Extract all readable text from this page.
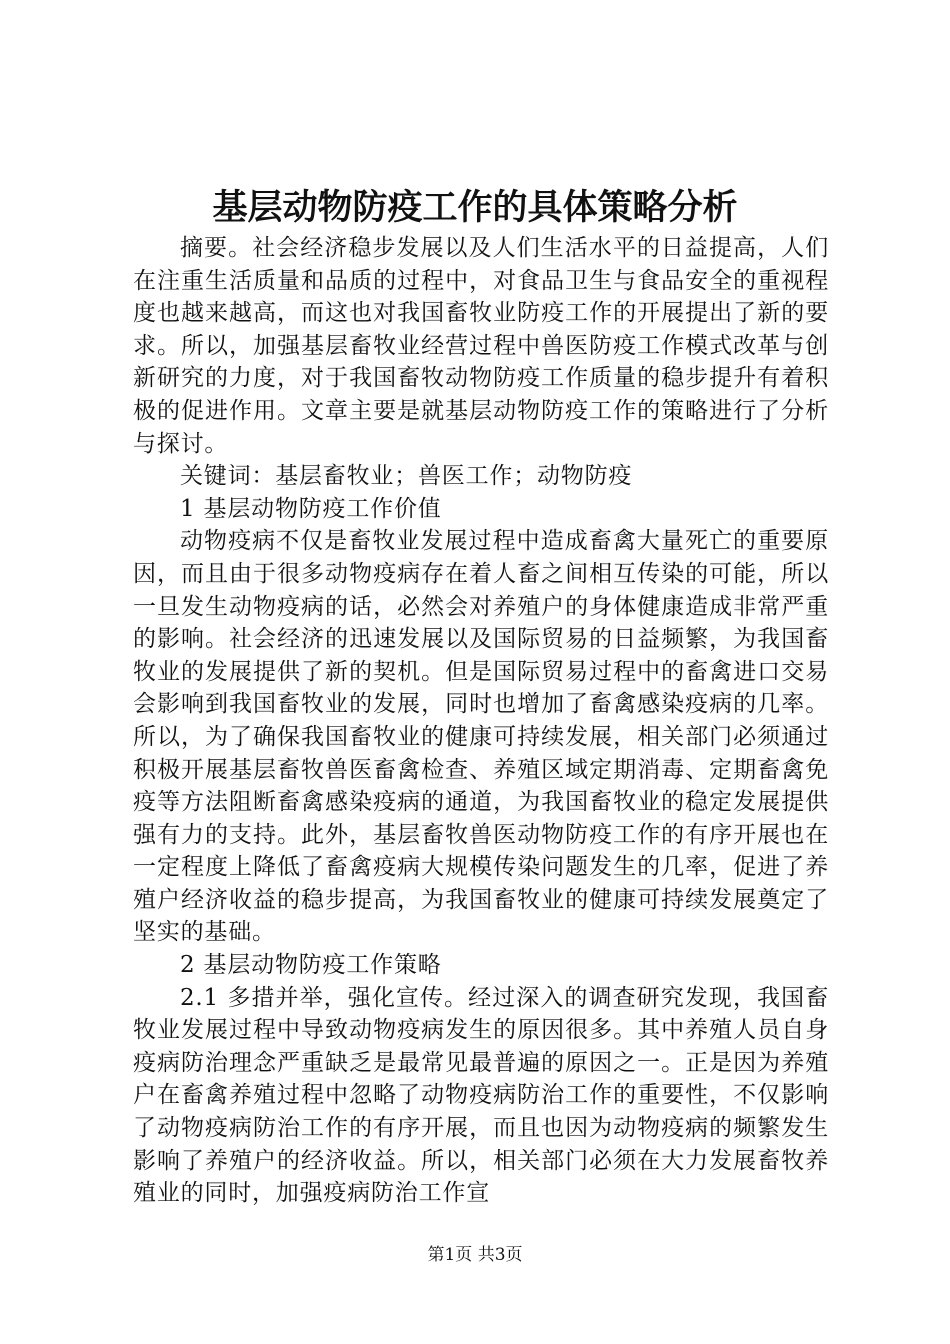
基层动物防疫工作的具体策略分析

摘要。社会经济稳步发展以及人们生活水平的日益提高，人们在注重生活质量和品质的过程中，对食品卫生与食品安全的重视程度也越来越高，而这也对我国畜牧业防疫工作的开展提出了新的要求。所以，加强基层畜牧业经营过程中兽医防疫工作模式改革与创新研究的力度，对于我国畜牧动物防疫工作质量的稳步提升有着积极的促进作用。文章主要是就基层动物防疫工作的策略进行了分析与探讨。

关键词：基层畜牧业；兽医工作；动物防疫

1 基层动物防疫工作价值

动物疫病不仅是畜牧业发展过程中造成畜禽大量死亡的重要原因，而且由于很多动物疫病存在着人畜之间相互传染的可能，所以一旦发生动物疫病的话，必然会对养殖户的身体健康造成非常严重的影响。社会经济的迅速发展以及国际贸易的日益频繁，为我国畜牧业的发展提供了新的契机。但是国际贸易过程中的畜禽进口交易会影响到我国畜牧业的发展，同时也增加了畜禽感染疫病的几率。所以，为了确保我国畜牧业的健康可持续发展，相关部门必须通过积极开展基层畜牧兽医畜禽检查、养殖区域定期消毒、定期畜禽免疫等方法阻断畜禽感染疫病的通道，为我国畜牧业的稳定发展提供强有力的支持。此外，基层畜牧兽医动物防疫工作的有序开展也在一定程度上降低了畜禽疫病大规模传染问题发生的几率，促进了养殖户经济收益的稳步提高，为我国畜牧业的健康可持续发展奠定了坚实的基础。

2 基层动物防疫工作策略

2.1 多措并举，强化宣传。经过深入的调查研究发现，我国畜牧业发展过程中导致动物疫病发生的原因很多。其中养殖人员自身疫病防治理念严重缺乏是最常见最普遍的原因之一。正是因为养殖户在畜禽养殖过程中忽略了动物疫病防治工作的重要性，不仅影响了动物疫病防治工作的有序开展，而且也因为动物疫病的频繁发生影响了养殖户的经济收益。所以，相关部门必须在大力发展畜牧养殖业的同时，加强疫病防治工作宣

第1页 共3页
